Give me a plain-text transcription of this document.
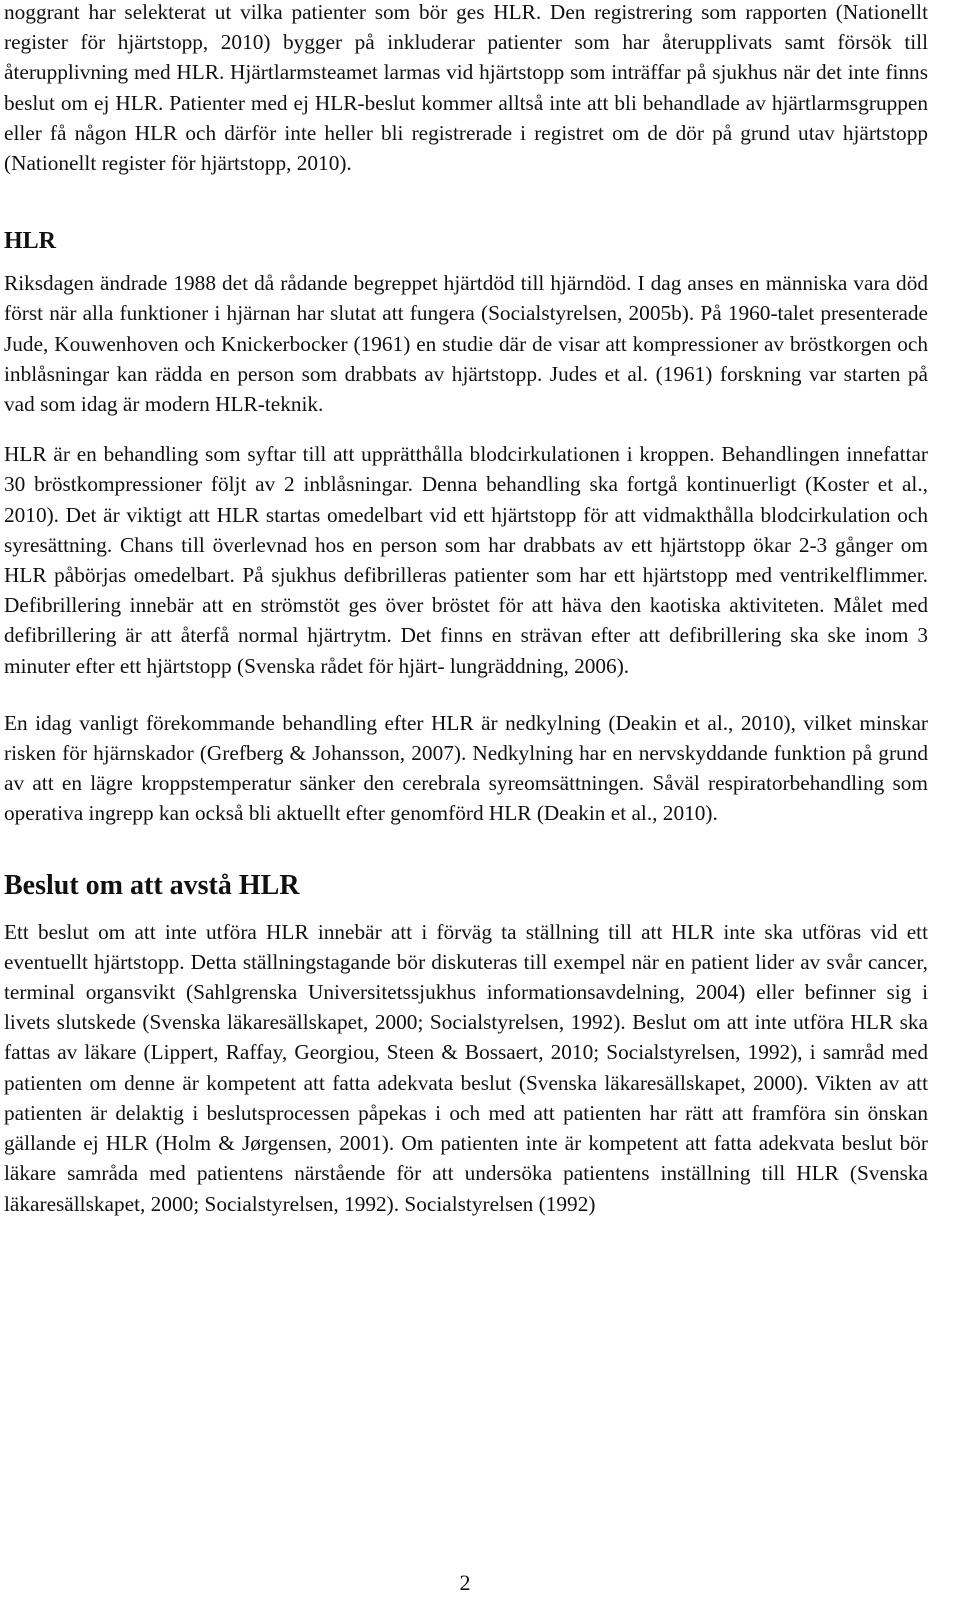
noggrant har selekterat ut vilka patienter som bör ges HLR. Den registrering som rapporten (Nationellt register för hjärtstopp, 2010) bygger på inkluderar patienter som har återupplivats samt försök till återupplivning med HLR. Hjärtlarmsteamet larmas vid hjärtstopp som inträffar på sjukhus när det inte finns beslut om ej HLR. Patienter med ej HLR-beslut kommer alltså inte att bli behandlade av hjärtlarmsgruppen eller få någon HLR och därför inte heller bli registrerade i registret om de dör på grund utav hjärtstopp (Nationellt register för hjärtstopp, 2010).

HLR

Riksdagen ändrade 1988 det då rådande begreppet hjärtdöd till hjärndöd. I dag anses en människa vara död först när alla funktioner i hjärnan har slutat att fungera (Socialstyrelsen, 2005b). På 1960-talet presenterade Jude, Kouwenhoven och Knickerbocker (1961) en studie där de visar att kompressioner av bröstkorgen och inblåsningar kan rädda en person som drabbats av hjärtstopp. Judes et al. (1961) forskning var starten på vad som idag är modern HLR-teknik.

HLR är en behandling som syftar till att upprätthålla blodcirkulationen i kroppen. Behandlingen innefattar 30 bröstkompressioner följt av 2 inblåsningar. Denna behandling ska fortgå kontinuerligt (Koster et al., 2010). Det är viktigt att HLR startas omedelbart vid ett hjärtstopp för att vidmakthålla blodcirkulation och syresättning. Chans till överlevnad hos en person som har drabbats av ett hjärtstopp ökar 2-3 gånger om HLR påbörjas omedelbart. På sjukhus defibrilleras patienter som har ett hjärtstopp med ventrikelflimmer. Defibrillering innebär att en strömstöt ges över bröstet för att häva den kaotiska aktiviteten. Målet med defibrillering är att återfå normal hjärtrytm. Det finns en strävan efter att defibrillering ska ske inom 3 minuter efter ett hjärtstopp (Svenska rådet för hjärt- lungräddning, 2006).

En idag vanligt förekommande behandling efter HLR är nedkylning (Deakin et al., 2010), vilket minskar risken för hjärnskador (Grefberg & Johansson, 2007). Nedkylning har en nervskyddande funktion på grund av att en lägre kroppstemperatur sänker den cerebrala syreomsättningen. Såväl respiratorbehandling som operativa ingrepp kan också bli aktuellt efter genomförd HLR (Deakin et al., 2010).

Beslut om att avstå HLR

Ett beslut om att inte utföra HLR innebär att i förväg ta ställning till att HLR inte ska utföras vid ett eventuellt hjärtstopp. Detta ställningstagande bör diskuteras till exempel när en patient lider av svår cancer, terminal organsvikt (Sahlgrenska Universitetssjukhus informationsavdelning, 2004) eller befinner sig i livets slutskede (Svenska läkaresällskapet, 2000; Socialstyrelsen, 1992). Beslut om att inte utföra HLR ska fattas av läkare (Lippert, Raffay, Georgiou, Steen & Bossaert, 2010; Socialstyrelsen, 1992), i samråd med patienten om denne är kompetent att fatta adekvata beslut (Svenska läkaresällskapet, 2000). Vikten av att patienten är delaktig i beslutsprocessen påpekas i och med att patienten har rätt att framföra sin önskan gällande ej HLR (Holm & Jørgensen, 2001). Om patienten inte är kompetent att fatta adekvata beslut bör läkare samråda med patientens närstående för att undersöka patientens inställning till HLR (Svenska läkaresällskapet, 2000; Socialstyrelsen, 1992). Socialstyrelsen (1992)

2
